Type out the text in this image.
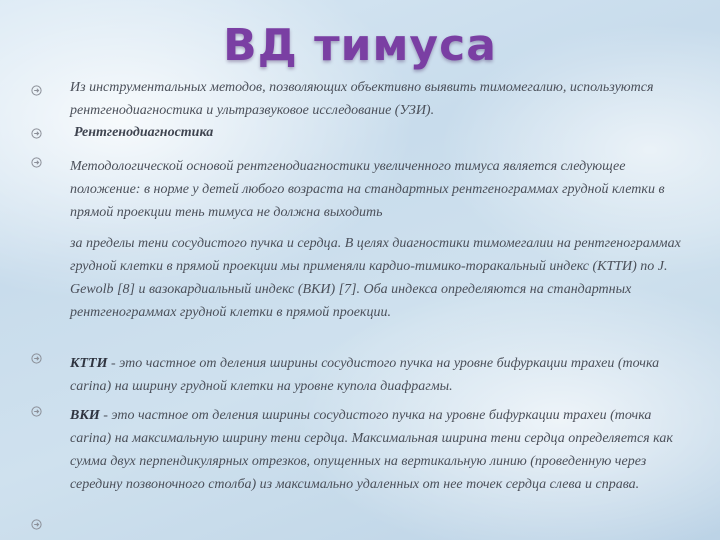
ВД тимуса
Из инструментальных методов, позволяющих объективно выявить тимомегалию, используются рентгенодиагностика и ультразвуковое исследование (УЗИ).
Рентгенодиагностика
Методологической основой рентгенодиагностики увеличенного тимуса является следующее положение: в норме у детей любого возраста на стандартных рентгенограммах грудной клетки в прямой проекции тень тимуса не должна выходить
за пределы тени сосудистого пучка и сердца. В целях диагностики тимомегалии на рентгенограммах грудной клетки в прямой проекции мы применяли кардио-тимико-торакальный индекс (КТТИ) по J. Gewolb [8] и вазокардиальный индекс (ВКИ) [7]. Оба индекса определяются на стандартных рентгенограммах грудной клетки в прямой проекции.
КТТИ - это частное от деления ширины сосудистого пучка на уровне бифуркации трахеи (точка carina) на ширину грудной клетки на уровне купола диафрагмы.
ВКИ - это частное от деления ширины сосудистого пучка на уровне бифуркации трахеи (точка carina) на максимальную ширину тени сердца. Максимальная ширина тени сердца определяется как сумма двух перпендикулярных отрезков, опущенных на вертикальную линию (проведенную через середину позвоночного столба) из максимально удаленных от нее точек сердца слева и справа.
